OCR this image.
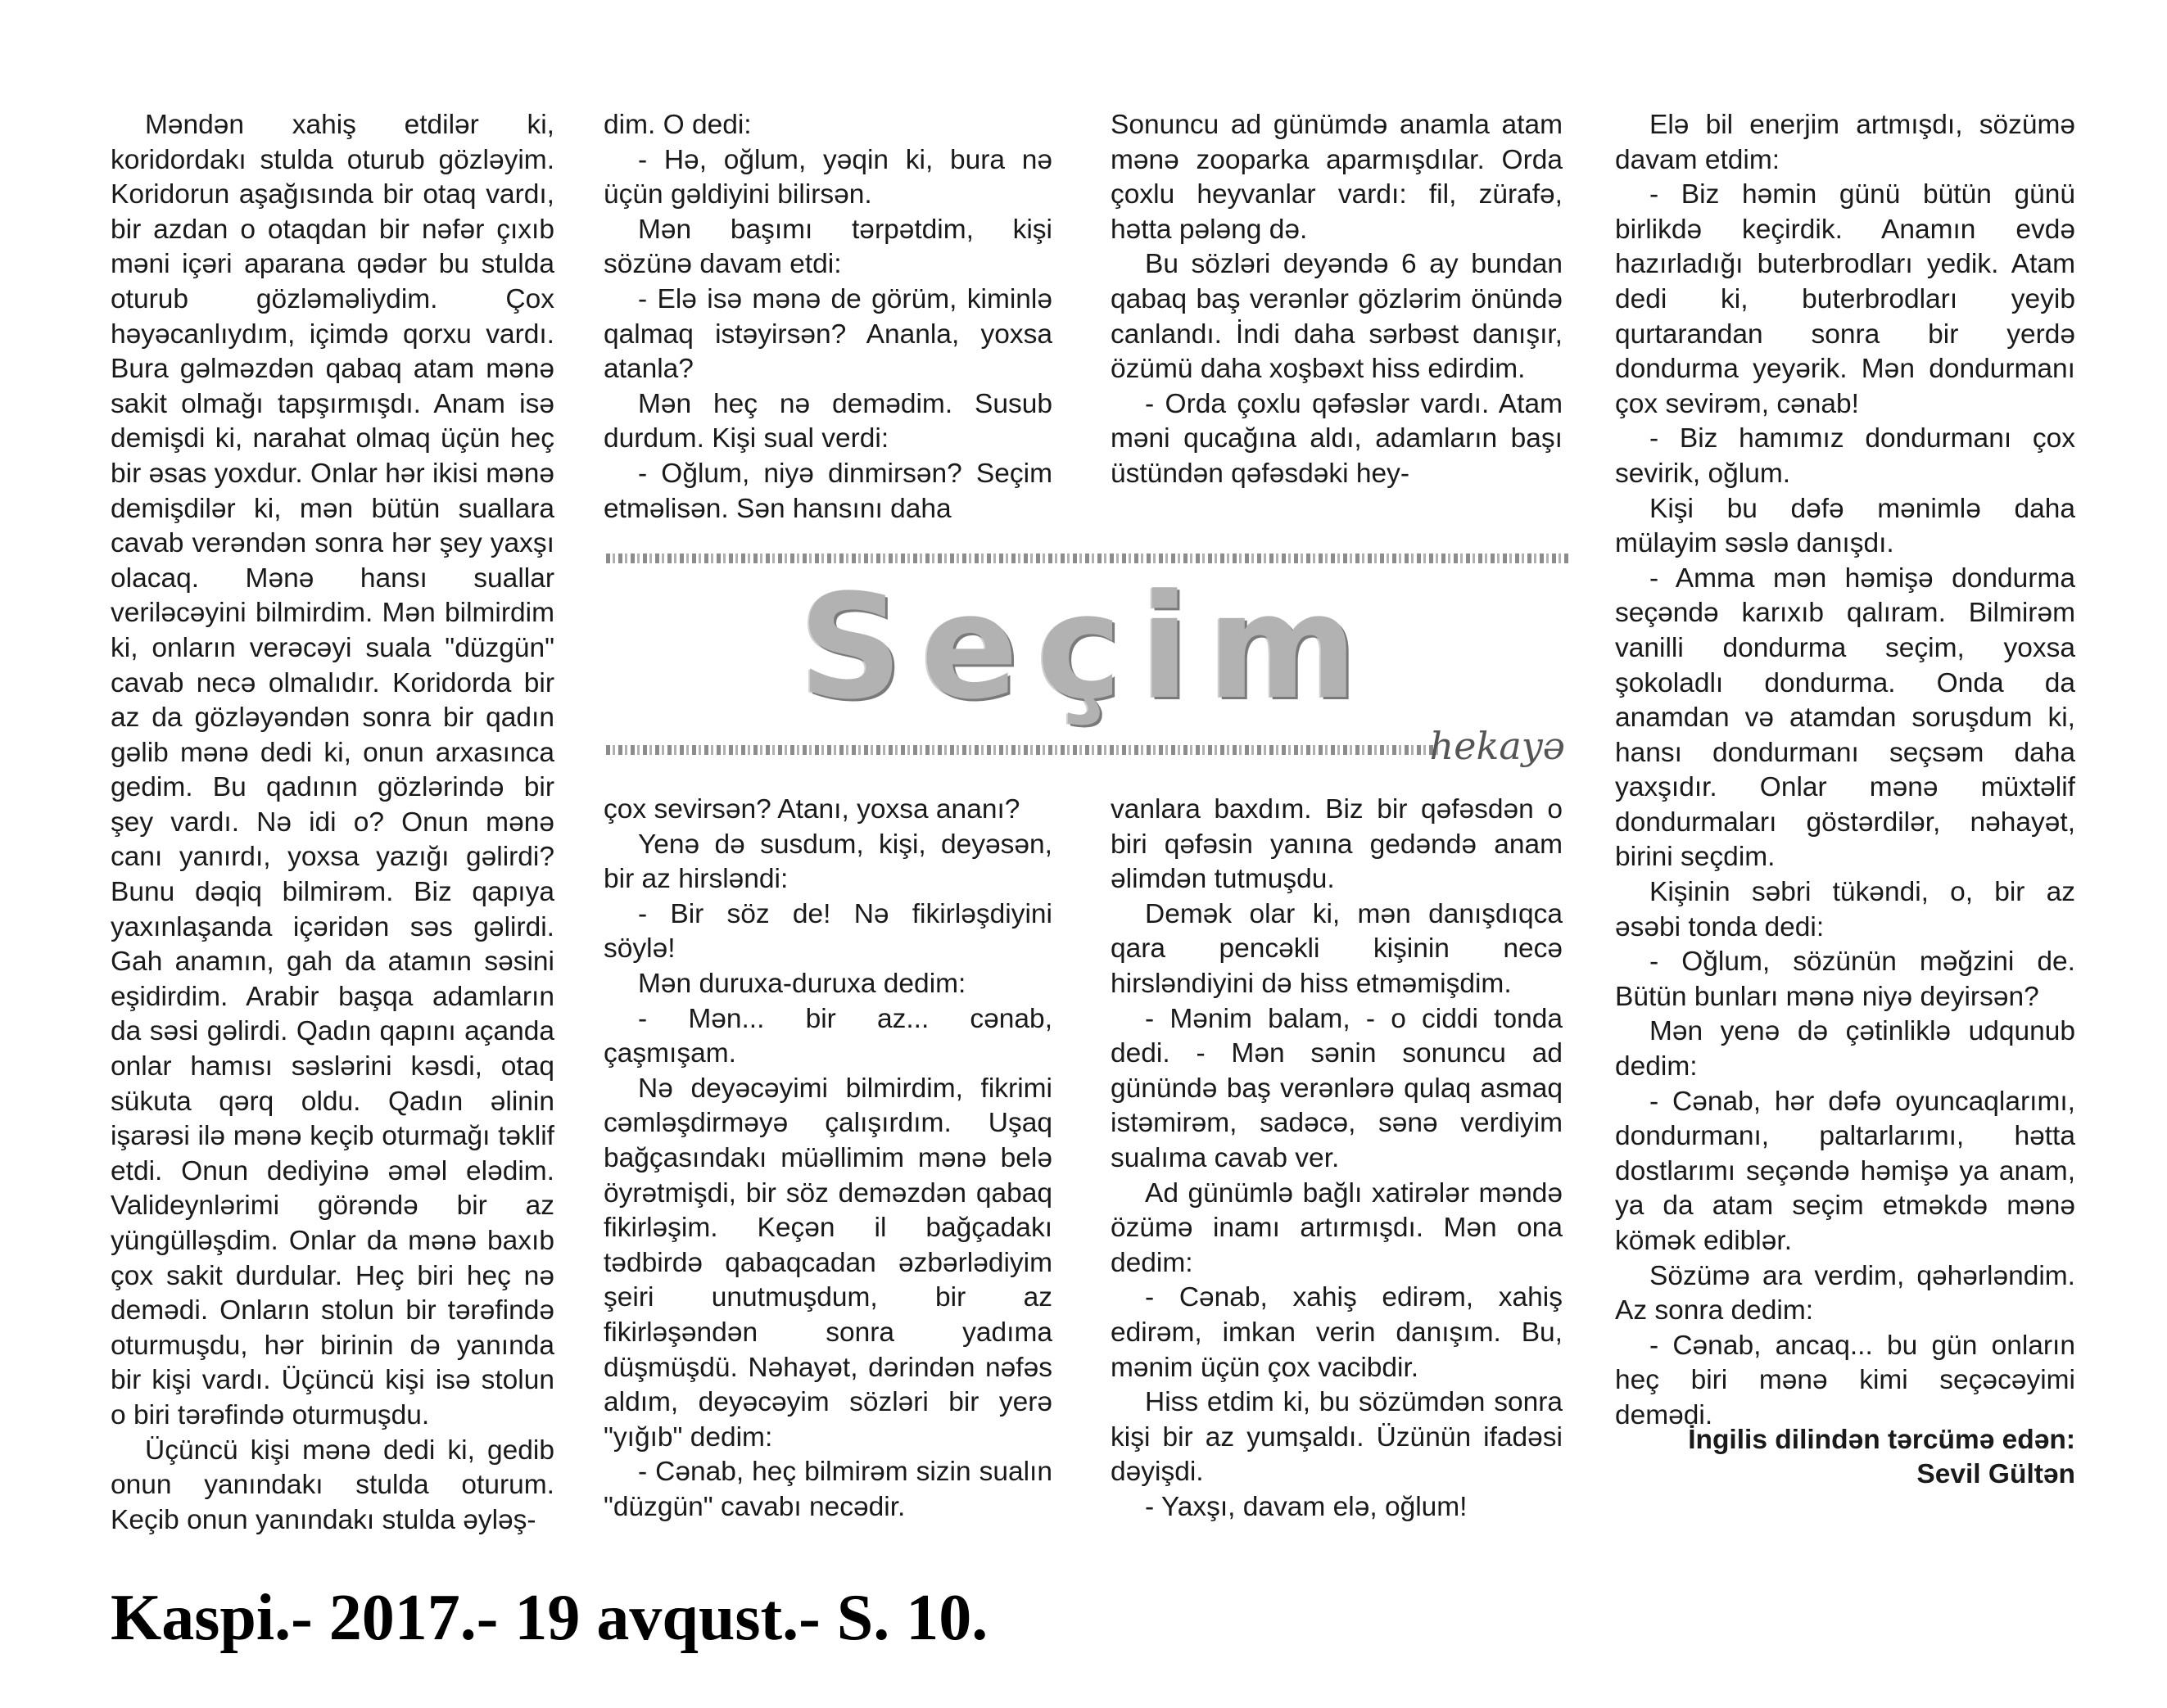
Məndən xahiş etdilər ki, koridordakı stulda oturub gözləyim. Koridorun aşağısında bir otaq vardı, bir azdan o otaqdan bir nəfər çıxıb məni içəri aparana qədər bu stulda oturub gözləməliydim. Çox həyəcanlıydım, içimdə qorxu vardı. Bura gəlməzdən qabaq atam mənə sakit olmağı tapşırmışdı. Anam isə demişdi ki, narahat olmaq üçün heç bir əsas yoxdur. Onlar hər ikisi mənə demişdilər ki, mən bütün suallara cavab verəndən sonra hər şey yaxşı olacaq. Mənə hansı suallar veriləcəyini bilmirdim. Mən bilmirdim ki, onların verəcəyi suala "düzgün" cavab necə olmalıdır. Koridorda bir az da gözləyəndən sonra bir qadın gəlib mənə dedi ki, onun arxasınca gedim. Bu qadının gözlərində bir şey vardı. Nə idi o? Onun mənə canı yanırdı, yoxsa yazığı gəlirdi? Bunu dəqiq bilmirəm. Biz qapıya yaxınlaşanda içəridən səs gəlirdi. Gah anamın, gah da atamın səsini eşidirdim. Arabir başqa adamların da səsi gəlirdi. Qadın qapını açanda onlar hamısı səslərini kəsdi, otaq sükuta qərq oldu. Qadın əlinin işarəsi ilə mənə keçib oturmağı təklif etdi. Onun dediyinə əməl elədim. Valideynlərimi görəndə bir az yüngülləşdim. Onlar da mənə baxıb çox sakit durdular. Heç biri heç nə demədi. Onların stolun bir tərəfində oturmuşdu, hər birinin də yanında bir kişi vardı. Üçüncü kişi isə stolun o biri tərəfində oturmuşdu.

Üçüncü kişi mənə dedi ki, gedib onun yanındakı stulda oturum. Keçib onun yanındakı stulda əyləş-

dim. O dedi:

- Hə, oğlum, yəqin ki, bura nə üçün gəldiyini bilirsən.

Mən başımı tərpətdim, kişi sözünə davam etdi:

- Elə isə mənə de görüm, kiminlə qalmaq istəyirsən? Ananla, yoxsa atanla?

Mən heç nə demədim. Susub durdum. Kişi sual verdi:

- Oğlum, niyə dinmirsən? Seçim etməlisən. Sən hansını daha

Sonuncu ad günümdə anamla atam mənə zooparka aparmışdılar. Orda çoxlu heyvanlar vardı: fil, zürafə, hətta pələng də.

Bu sözləri deyəndə 6 ay bundan qabaq baş verənlər gözlərim önündə canlandı. İndi daha sərbəst danışır, özümü daha xoşbəxt hiss edirdim.

- Orda çoxlu qəfəslər vardı. Atam məni qucağına aldı, adamların başı üstündən qəfəsdəki hey-

Seçim
hekayə

çox sevirsən? Atanı, yoxsa ananı?

Yenə də susdum, kişi, deyəsən, bir az hirsləndi:

- Bir söz de! Nə fikirləşdiyini söylə!

Mən duruxa-duruxa dedim:

- Mən... bir az... cənab, çaşmışam.

Nə deyəcəyimi bilmirdim, fikrimi cəmləşdirməyə çalışırdım. Uşaq bağçasındakı müəllimim mənə belə öyrətmişdi, bir söz deməzdən qabaq fikirləşim. Keçən il bağçadakı tədbirdə qabaqcadan əzbərlədiyim şeiri unutmuşdum, bir az fikirləşəndən sonra yadıma düşmüşdü. Nəhayət, dərindən nəfəs aldım, deyəcəyim sözləri bir yerə "yığıb" dedim:

- Cənab, heç bilmirəm sizin sualın "düzgün" cavabı necədir.

vanlara baxdım. Biz bir qəfəsdən o biri qəfəsin yanına gedəndə anam əlimdən tutmuşdu.

Demək olar ki, mən danışdıqca qara pencəkli kişinin necə hirsləndiyini də hiss etməmişdim.

- Mənim balam, - o ciddi tonda dedi. - Mən sənin sonuncu ad günündə baş verənlərə qulaq asmaq istəmirəm, sadəcə, sənə verdiyim sualıma cavab ver.

Ad günümlə bağlı xatirələr məndə özümə inamı artırmışdı. Mən ona dedim:

- Cənab, xahiş edirəm, xahiş edirəm, imkan verin danışım. Bu, mənim üçün çox vacibdir.

Hiss etdim ki, bu sözümdən sonra kişi bir az yumşaldı. Üzünün ifadəsi dəyişdi.

- Yaxşı, davam elə, oğlum!

Elə bil enerjim artmışdı, sözümə davam etdim:

- Biz həmin günü bütün günü birlikdə keçirdik. Anamın evdə hazırladığı buterbrodları yedik. Atam dedi ki, buterbrodları yeyib qurtarandan sonra bir yerdə dondurma yeyərik. Mən dondurmanı çox sevirəm, cənab!

- Biz hamımız dondurmanı çox sevirik, oğlum.

Kişi bu dəfə mənimlə daha mülayim səslə danışdı.

- Amma mən həmişə dondurma seçəndə karıxıb qalıram. Bilmirəm vanilli dondurma seçim, yoxsa şokoladlı dondurma. Onda da anamdan və atamdan soruşdum ki, hansı dondurmanı seçsəm daha yaxşıdır. Onlar mənə müxtəlif dondurmaları göstərdilər, nəhayət, birini seçdim.

Kişinin səbri tükəndi, o, bir az əsəbi tonda dedi:

- Oğlum, sözünün məğzini de. Bütün bunları mənə niyə deyirsən?

Mən yenə də çətinliklə udqunub dedim:

- Cənab, hər dəfə oyuncaqlarımı, dondurmanı, paltarlarımı, hətta dostlarımı seçəndə həmişə ya anam, ya da atam seçim etməkdə mənə kömək ediblər.

Sözümə ara verdim, qəhərləndim. Az sonra dedim:

- Cənab, ancaq... bu gün onların heç biri mənə kimi seçəcəyimi demədi.

İngilis dilindən tərcümə edən:
Sevil Gültən
Kaspi.- 2017.- 19 avqust.- S. 10.
